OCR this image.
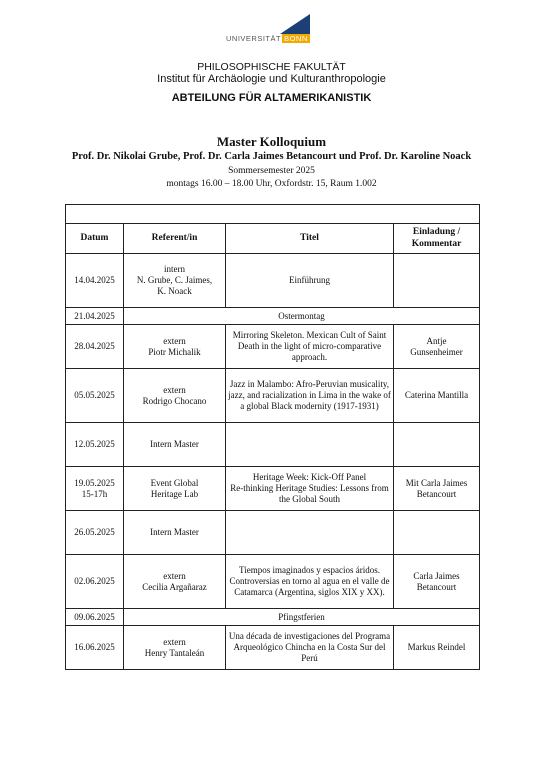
UNIVERSITÄT BONN
PHILOSOPHISCHE FAKULTÄT
Institut für Archäologie und Kulturanthropologie
ABTEILUNG FÜR ALTAMERIKANISTIK
Master Kolloquium
Prof. Dr. Nikolai Grube, Prof. Dr. Carla Jaimes Betancourt und Prof. Dr. Karoline Noack
Sommersemester 2025
montags 16.00 – 18.00 Uhr, Oxfordstr. 15, Raum 1.002

Datum	Referent/in	Titel	Einladung / Kommentar
14.04.2025	intern
N. Grube, C. Jaimes,
K. Noack	Einführung	
21.04.2025	Ostermontag		
28.04.2025	extern
Piotr Michalik	Mirroring Skeleton. Mexican Cult of Saint Death in the light of micro-comparative approach.	Antje
Gunsenheimer
05.05.2025	extern
Rodrigo Chocano	Jazz in Malambo: Afro-Peruvian musicality, jazz, and racialization in Lima in the wake of a global Black modernity (1917-1931)	Caterina Mantilla
12.05.2025	Intern Master		
19.05.2025
15-17h	Event Global
Heritage Lab	Heritage Week: Kick-Off Panel
Re-thinking Heritage Studies: Lessons from the Global South	Mit Carla Jaimes
Betancourt
26.05.2025	Intern Master		
02.06.2025	extern
Cecilia Argañaraz	Tiempos imaginados y espacios áridos. Controversias en torno al agua en el valle de Catamarca (Argentina, siglos XIX y XX).	Carla Jaimes
Betancourt
09.06.2025	Pfingstferien		
16.06.2025	extern
Henry Tantaleán	Una década de investigaciones del Programa Arqueológico Chincha en la Costa Sur del Perú	Markus Reindel
